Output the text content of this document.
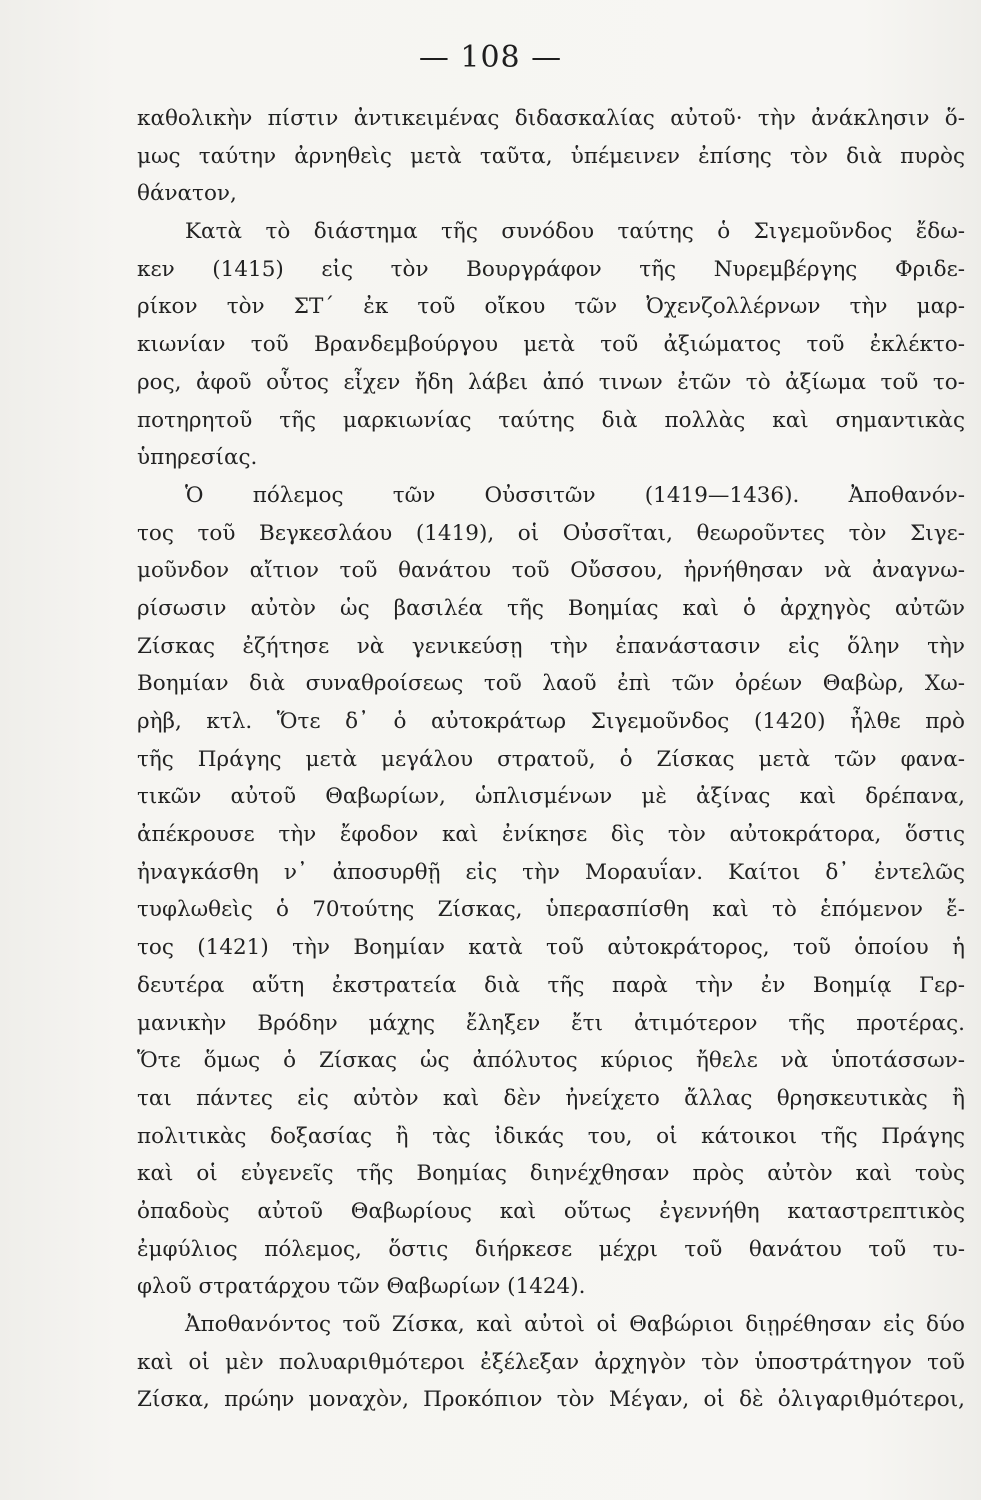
— 108 —
καθολικὴν πίστιν ἀντικειμένας διδασκαλίας αὐτοῦ· τὴν ἀνάκλησιν ὅ-
μως ταύτην ἀρνηθεὶς μετὰ ταῦτα, ὑπέμεινεν ἐπίσης τὸν διὰ πυρὸς
θάνατον,
Κατὰ τὸ διάστημα τῆς συνόδου ταύτης ὁ Σιγεμοῦνδος ἔδω-
κεν (1415) εἰς τὸν Βουργράφον τῆς Νυρεμβέργης Φριδε-
ρίκον τὸν ΣΤ΄ ἐκ τοῦ οἴκου τῶν Ὀχενζολλέρνων τὴν μαρ-
κιωνίαν τοῦ Βρανδεμβούργου μετὰ τοῦ ἀξιώματος τοῦ ἐκλέκτο-
ρος, ἀφοῦ οὗτος εἶχεν ἤδη λάβει ἀπό τινων ἐτῶν τὸ ἀξίωμα τοῦ το-
ποτηρητοῦ τῆς μαρκιωνίας ταύτης διὰ πολλὰς καὶ σημαντικὰς
ὑπηρεσίας.
Ὁ πόλεμος τῶν Οὐσσιτῶν (1419—1436). Ἀποθανόν-
τος τοῦ Βεγκεσλάου (1419), οἱ Οὐσσῖται, θεωροῦντες τὸν Σιγε-
μοῦνδον αἴτιον τοῦ θανάτου τοῦ Οὔσσου, ἠρνήθησαν νὰ ἀναγνω-
ρίσωσιν αὐτὸν ὡς βασιλέα τῆς Βοημίας καὶ ὁ ἀρχηγὸς αὐτῶν
Ζίσκας ἐζήτησε νὰ γενικεύσῃ τὴν ἐπανάστασιν εἰς ὅλην τὴν
Βοημίαν διὰ συναθροίσεως τοῦ λαοῦ ἐπὶ τῶν ὀρέων Θαβὼρ, Χω-
ρὴβ, κτλ. Ὅτε δ᾽ ὁ αὐτοκράτωρ Σιγεμοῦνδος (1420) ἦλθε πρὸ
τῆς Πράγης μετὰ μεγάλου στρατοῦ, ὁ Ζίσκας μετὰ τῶν φανα-
τικῶν αὐτοῦ Θαβωρίων, ὡπλισμένων μὲ ἀξίνας καὶ δρέπανα,
ἀπέκρουσε τὴν ἔφοδον καὶ ἐνίκησε δὶς τὸν αὐτοκράτορα, ὅστις
ἠναγκάσθη ν᾽ ἀποσυρθῇ εἰς τὴν Μοραυΐαν. Καίτοι δ᾽ ἐντελῶς
τυφλωθεὶς ὁ 70τούτης Ζίσκας, ὑπερασπίσθη καὶ τὸ ἑπόμενον ἔ-
τος (1421) τὴν Βοημίαν κατὰ τοῦ αὐτοκράτορος, τοῦ ὁποίου ἡ
δευτέρα αὕτη ἐκστρατεία διὰ τῆς παρὰ τὴν ἐν Βοημίᾳ Γερ-
μανικὴν Βρόδην μάχης ἔληξεν ἔτι ἀτιμότερον τῆς προτέρας.
Ὅτε ὅμως ὁ Ζίσκας ὡς ἀπόλυτος κύριος ἤθελε νὰ ὑποτάσσων-
ται πάντες εἰς αὐτὸν καὶ δὲν ἠνείχετο ἄλλας θρησκευτικὰς ἢ
πολιτικὰς δοξασίας ἢ τὰς ἰδικάς του, οἱ κάτοικοι τῆς Πράγης
καὶ οἱ εὐγενεῖς τῆς Βοημίας διηνέχθησαν πρὸς αὐτὸν καὶ τοὺς
ὀπαδοὺς αὐτοῦ Θαβωρίους καὶ οὕτως ἐγεννήθη καταστρεπτικὸς
ἐμφύλιος πόλεμος, ὅστις διήρκεσε μέχρι τοῦ θανάτου τοῦ τυ-
φλοῦ στρατάρχου τῶν Θαβωρίων (1424).
Ἀποθανόντος τοῦ Ζίσκα, καὶ αὐτοὶ οἱ Θαβώριοι διῃρέθησαν εἰς δύο
καὶ οἱ μὲν πολυαριθμότεροι ἐξέλεξαν ἀρχηγὸν τὸν ὑποστράτηγον τοῦ
Ζίσκα, πρώην μοναχὸν, Προκόπιον τὸν Μέγαν, οἱ δὲ ὀλιγαριθμότεροι,
